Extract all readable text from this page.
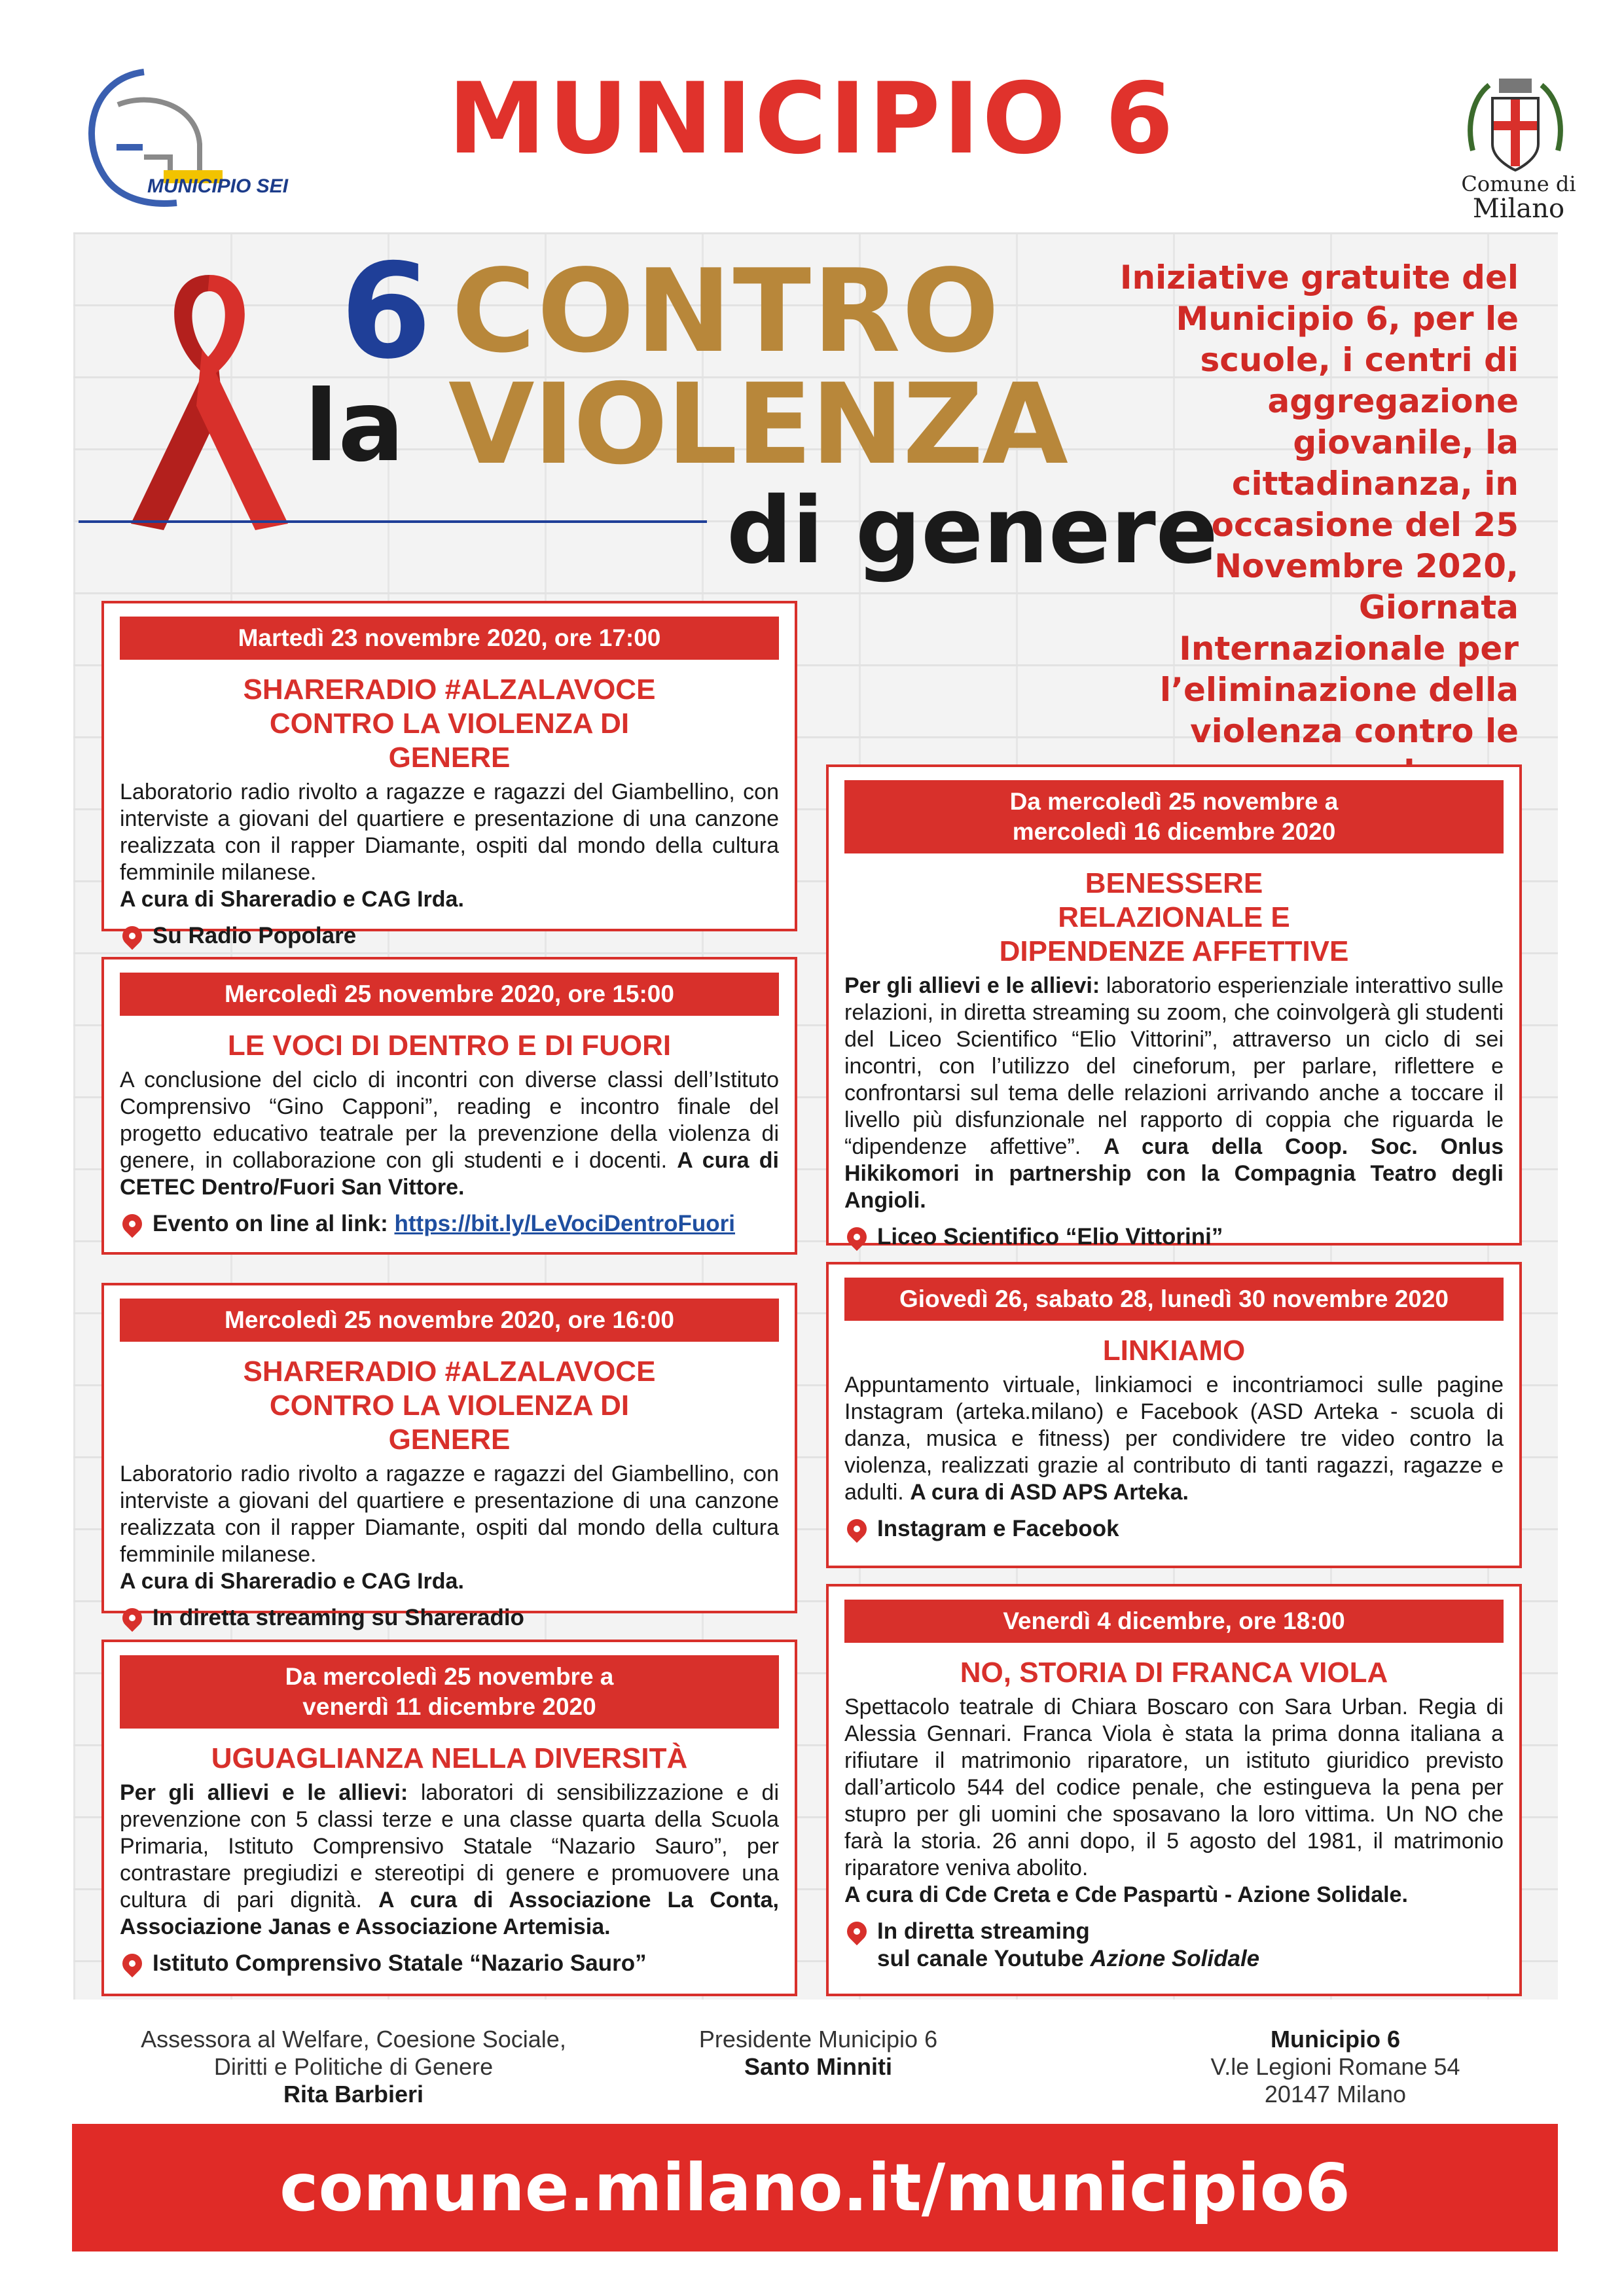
MUNICIPIO SEI
MUNICIPIO 6
Comune di
Milano
6 CONTRO
la VIOLENZA
di genere
Iniziative gratuite del Municipio 6, per le scuole, i centri di aggregazione giovanile, la cittadinanza, in occasione del 25 Novembre 2020, Giornata Internazionale per l’eliminazione della violenza contro le
Martedì 23 novembre 2020, ore 17:00
SHARERADIO #ALZALAVOCE CONTRO LA VIOLENZA DI GENERE
Laboratorio radio rivolto a ragazze e ragazzi del Giambellino, con interviste a giovani del quartiere e presentazione di una canzone realizzata con il rapper Diamante, ospiti dal mondo della cultura femminile milanese.
A cura di Shareradio e CAG Irda.
Su Radio Popolare
Mercoledì 25 novembre 2020, ore 15:00
LE VOCI DI DENTRO E DI FUORI
A conclusione del ciclo di incontri con diverse classi dell’Istituto Comprensivo “Gino Capponi”, reading e incontro finale del progetto educativo teatrale per la prevenzione della violenza di genere, in collaborazione con gli studenti e i docenti. A cura di CETEC Dentro/Fuori San Vittore.
Evento on line al link:
https://bit.ly/LeVociDentroFuori
Mercoledì 25 novembre 2020, ore 16:00
SHARERADIO #ALZALAVOCE CONTRO LA VIOLENZA DI GENERE
Laboratorio radio rivolto a ragazze e ragazzi del Giambellino, con interviste a giovani del quartiere e presentazione di una canzone realizzata con il rapper Diamante, ospiti dal mondo della cultura femminile milanese.
A cura di Shareradio e CAG Irda.
In diretta streaming su Shareradio
Da mercoledì 25 novembre a venerdì 11 dicembre 2020
UGUAGLIANZA NELLA DIVERSITÀ
Per gli allievi e le allievi: laboratori di sensibilizzazione e di prevenzione con 5 classi terze e una classe quarta della Scuola Primaria, Istituto Comprensivo Statale “Nazario Sauro”, per contrastare pregiudizi e stereotipi di genere e promuovere una cultura di pari dignità. A cura di Associazione La Conta, Associazione Janas e Associazione Artemisia.
Istituto Comprensivo Statale “Nazario Sauro”
Da mercoledì 25 novembre a mercoledì 16 dicembre 2020
BENESSERE RELAZIONALE E DIPENDENZE AFFETTIVE
Per gli allievi e le allievi: laboratorio esperienziale interattivo sulle relazioni, in diretta streaming su zoom, che coinvolgerà gli studenti del Liceo Scientifico “Elio Vittorini”, attraverso un ciclo di sei incontri, con l’utilizzo del cineforum, per parlare, riflettere e confrontarsi sul tema delle relazioni arrivando anche a toccare il livello più disfunzionale nel rapporto di coppia che riguarda le “dipendenze affettive”. A cura della Coop. Soc. Onlus Hikikomori in partnership con la Compagnia Teatro degli Angioli.
Liceo Scientifico “Elio Vittorini”
Giovedì 26, sabato 28, lunedì 30 novembre 2020
LINKIAMO
Appuntamento virtuale, linkiamoci e incontriamoci sulle pagine Instagram (arteka.milano) e Facebook (ASD Arteka - scuola di danza, musica e fitness) per condividere tre video contro la violenza, realizzati grazie al contributo di tanti ragazzi, ragazze e adulti. A cura di ASD APS Arteka.
Instagram e Facebook
Venerdì 4 dicembre, ore 18:00
NO, STORIA DI FRANCA VIOLA
Spettacolo teatrale di Chiara Boscaro con Sara Urban. Regia di Alessia Gennari. Franca Viola è stata la prima donna italiana a rifiutare il matrimonio riparatore, un istituto giuridico previsto dall’articolo 544 del codice penale, che estingueva la pena per stupro per gli uomini che sposavano la loro vittima. Un NO che farà la storia. 26 anni dopo, il 5 agosto del 1981, il matrimonio riparatore veniva abolito.
A cura di Cde Creta e Cde Paspartù - Azione Solidale.
In diretta streaming
sul canale Youtube Azione Solidale
Assessora al Welfare, Coesione Sociale,
Diritti e Politiche di Genere
Rita Barbieri
Presidente Municipio 6
Santo Minniti
Municipio 6
V.le Legioni Romane 54
20147 Milano
comune.milano.it/municipio6
